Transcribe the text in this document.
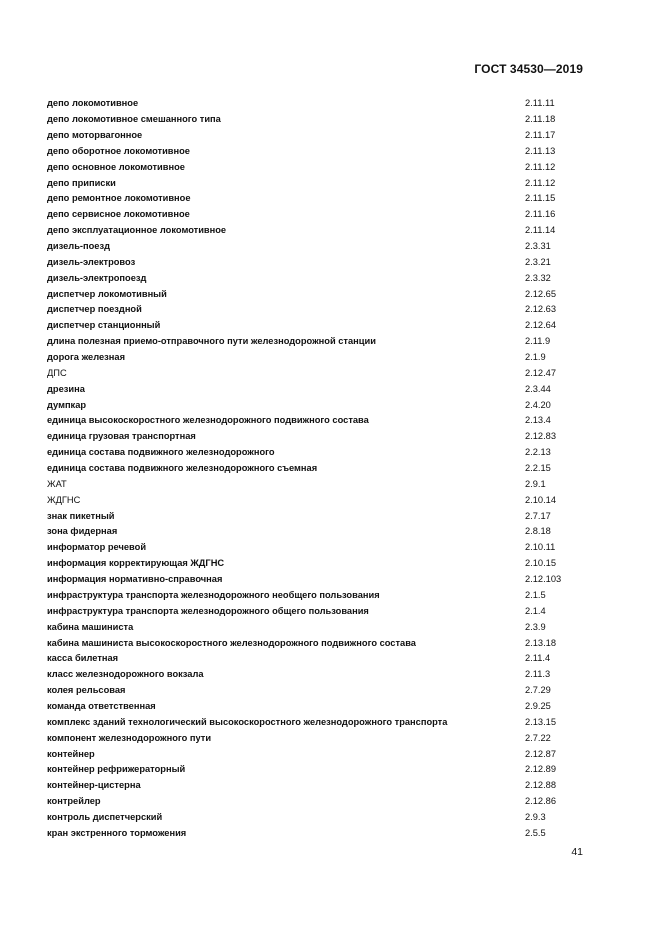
ГОСТ 34530—2019
депо локомотивное	2.11.11
депо локомотивное смешанного типа	2.11.18
депо моторвагонное	2.11.17
депо оборотное локомотивное	2.11.13
депо основное локомотивное	2.11.12
депо приписки	2.11.12
депо ремонтное локомотивное	2.11.15
депо сервисное локомотивное	2.11.16
депо эксплуатационное локомотивное	2.11.14
дизель-поезд	2.3.31
дизель-электровоз	2.3.21
дизель-электропоезд	2.3.32
диспетчер локомотивный	2.12.65
диспетчер поездной	2.12.63
диспетчер станционный	2.12.64
длина полезная приемо-отправочного пути железнодорожной станции	2.11.9
дорога железная	2.1.9
ДПС	2.12.47
дрезина	2.3.44
думпкар	2.4.20
единица высокоскоростного железнодорожного подвижного состава	2.13.4
единица грузовая транспортная	2.12.83
единица состава подвижного железнодорожного	2.2.13
единица состава подвижного железнодорожного съемная	2.2.15
ЖАТ	2.9.1
ЖДГНС	2.10.14
знак пикетный	2.7.17
зона фидерная	2.8.18
информатор речевой	2.10.11
информация корректирующая ЖДГНС	2.10.15
информация нормативно-справочная	2.12.103
инфраструктура транспорта железнодорожного необщего пользования	2.1.5
инфраструктура транспорта железнодорожного общего пользования	2.1.4
кабина машиниста	2.3.9
кабина машиниста высокоскоростного железнодорожного подвижного состава	2.13.18
касса билетная	2.11.4
класс железнодорожного вокзала	2.11.3
колея рельсовая	2.7.29
команда ответственная	2.9.25
комплекс зданий технологический высокоскоростного железнодорожного транспорта	2.13.15
компонент железнодорожного пути	2.7.22
контейнер	2.12.87
контейнер рефрижераторный	2.12.89
контейнер-цистерна	2.12.88
контрейлер	2.12.86
контроль диспетчерский	2.9.3
кран экстренного торможения	2.5.5
41
